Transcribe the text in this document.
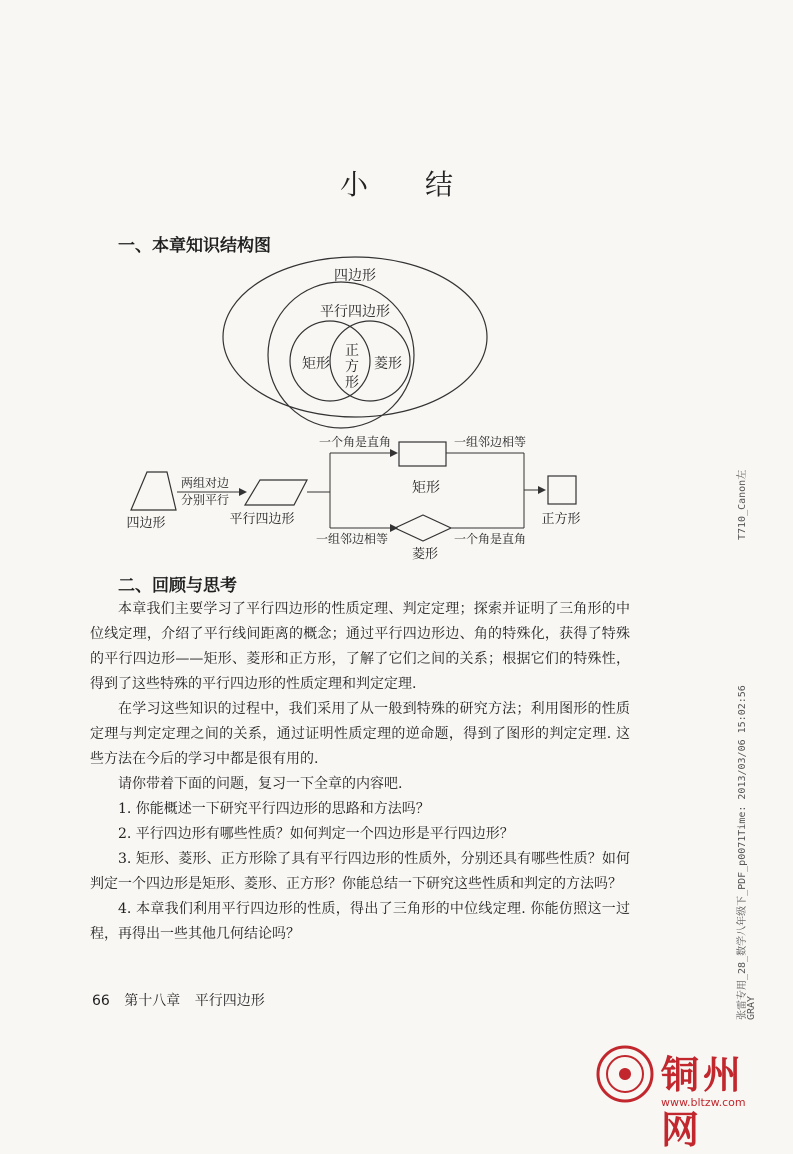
小 结
一、本章知识结构图
四边形
平行四边形
矩形	菱形
正
方
形
四边形
两组对边
分别平行
平行四边形
一个角是直角	一组邻边相等
矩形
一组邻边相等
菱形
一个角是直角
正方形
二、回顾与思考

本章我们主要学习了平行四边形的性质定理、判定定理；探索并证明了三角形的中位线定理，介绍了平行线间距离的概念；通过平行四边形边、角的特殊化，获得了特殊的平行四边形——矩形、菱形和正方形，了解了它们之间的关系；根据它们的特殊性，得到了这些特殊的平行四边形的性质定理和判定定理.

在学习这些知识的过程中，我们采用了从一般到特殊的研究方法；利用图形的性质定理与判定定理之间的关系，通过证明性质定理的逆命题，得到了图形的判定定理. 这些方法在今后的学习中都是很有用的.

请你带着下面的问题，复习一下全章的内容吧.

1. 你能概述一下研究平行四边形的思路和方法吗？

2. 平行四边形有哪些性质？如何判定一个四边形是平行四边形？

3. 矩形、菱形、正方形除了具有平行四边形的性质外，分别还具有哪些性质？如何判定一个四边形是矩形、菱形、正方形？你能总结一下研究这些性质和判定的方法吗？

4. 本章我们利用平行四边形的性质，得出了三角形的中位线定理. 你能仿照这一过程，再得出一些其他几何结论吗？

66 第十八章 平行四边形
T710_Canon左
张雷专用_28_数学八年级下_PDF_p0071Time: 2013/03/06 15:02:56
GRAY
铜州网
www.bltzw.com
